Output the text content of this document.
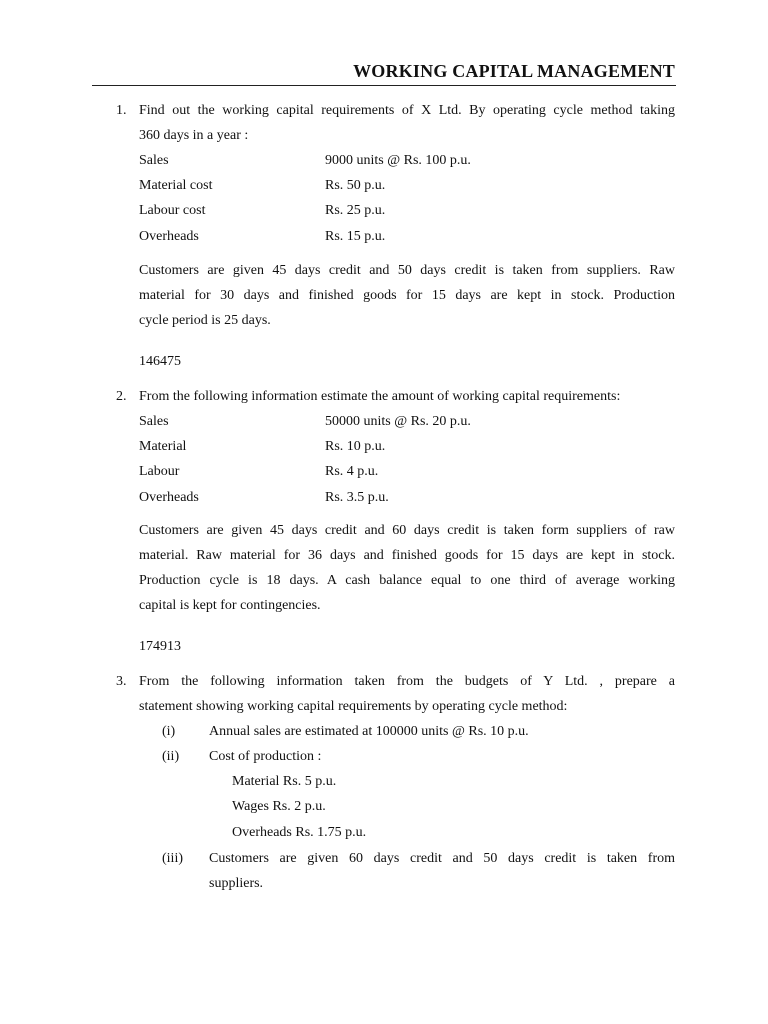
WORKING CAPITAL MANAGEMENT
1. Find out the working capital requirements of X Ltd. By operating cycle method taking
360 days in a year :
Sales	9000 units @ Rs. 100 p.u.
Material cost	Rs. 50 p.u.
Labour cost	Rs. 25 p.u.
Overheads	Rs. 15 p.u.
Customers are given 45 days credit and 50 days credit is taken from suppliers. Raw
material for 30 days and finished goods for 15 days are kept in stock. Production
cycle period is 25 days.
146475
2. From the following information estimate the amount of working capital requirements:
Sales	50000 units @ Rs. 20 p.u.
Material	Rs. 10 p.u.
Labour	Rs. 4 p.u.
Overheads	Rs. 3.5 p.u.
Customers are given 45 days credit and 60 days credit is taken form suppliers of raw
material. Raw material for 36 days and finished goods for 15 days are kept in stock.
Production cycle is 18 days. A cash balance equal to one third of average working
capital is kept for contingencies.
174913
3. From the following information taken from the budgets of Y Ltd. , prepare a
statement showing working capital requirements by operating cycle method:
(i) Annual sales are estimated at 100000 units @ Rs. 10 p.u.
(ii) Cost of production :
Material Rs. 5 p.u.
Wages Rs. 2 p.u.
Overheads Rs. 1.75 p.u.
(iii) Customers are given 60 days credit and 50 days credit is taken from
suppliers.
